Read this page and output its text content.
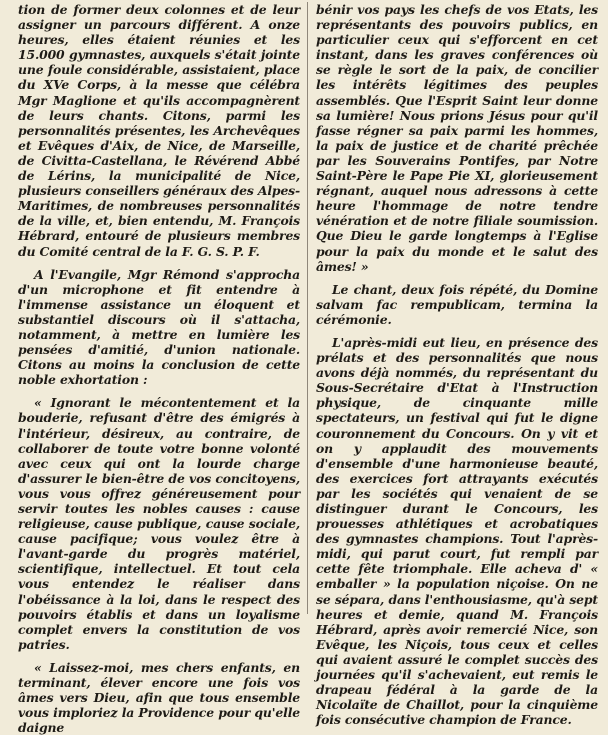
tion de former deux colonnes et de leur assigner un parcours différent. A onze heures, elles étaient réunies et les 15.000 gymnastes, auxquels s'était jointe une foule considérable, assistaient, place du XVe Corps, à la messe que célébra Mgr Maglione et qu'ils accompagnèrent de leurs chants. Citons, parmi les personnalités présentes, les Archevêques et Evêques d'Aix, de Nice, de Marseille, de Civitta-Castellana, le Révérend Abbé de Lérins, la municipalité de Nice, plusieurs conseillers généraux des Alpes-Maritimes, de nombreuses personnalités de la ville, et, bien entendu, M. François Hébrard, entouré de plusieurs membres du Comité central de la F. G. S. P. F.

A l'Evangile, Mgr Rémond s'approcha d'un microphone et fit entendre à l'immense assistance un éloquent et substantiel discours où il s'attacha, notamment, à mettre en lumière les pensées d'amitié, d'union nationale. Citons au moins la conclusion de cette noble exhortation :

« Ignorant le mécontentement et la bouderie, refusant d'être des émigrés à l'intérieur, désireux, au contraire, de collaborer de toute votre bonne volonté avec ceux qui ont la lourde charge d'assurer le bien-être de vos concitoyens, vous vous offrez généreusement pour servir toutes les nobles causes : cause religieuse, cause publique, cause sociale, cause pacifique; vous voulez être à l'avant-garde du progrès matériel, scientifique, intellectuel. Et tout cela vous entendez le réaliser dans l'obéissance à la loi, dans le respect des pouvoirs établis et dans un loyalisme complet envers la constitution de vos patries.

« Laissez-moi, mes chers enfants, en terminant, élever encore une fois vos âmes vers Dieu, afin que tous ensemble vous imploriez la Providence pour qu'elle daigne

bénir vos pays les chefs de vos Etats, les représentants des pouvoirs publics, en particulier ceux qui s'efforcent en cet instant, dans les graves conférences où se règle le sort de la paix, de concilier les intérêts légitimes des peuples assemblés. Que l'Esprit Saint leur donne sa lumière! Nous prions Jésus pour qu'il fasse régner sa paix parmi les hommes, la paix de justice et de charité prêchée par les Souverains Pontifes, par Notre Saint-Père le Pape Pie XI, glorieusement régnant, auquel nous adressons à cette heure l'hommage de notre tendre vénération et de notre filiale soumission. Que Dieu le garde longtemps à l'Eglise pour la paix du monde et le salut des âmes! »

Le chant, deux fois répété, du Domine salvam fac rempublicam, termina la cérémonie.

L'après-midi eut lieu, en présence des prélats et des personnalités que nous avons déjà nommés, du représentant du Sous-Secrétaire d'Etat à l'Instruction physique, de cinquante mille spectateurs, un festival qui fut le digne couronnement du Concours. On y vit et on y applaudit des mouvements d'ensemble d'une harmonieuse beauté, des exercices fort attrayants exécutés par les sociétés qui venaient de se distinguer durant le Concours, les prouesses athlétiques et acrobatiques des gymnastes champions. Tout l'après-midi, qui parut court, fut rempli par cette fête triomphale. Elle acheva d' « emballer » la population niçoise. On ne se sépara, dans l'enthousiasme, qu'à sept heures et demie, quand M. François Hébrard, après avoir remercié Nice, son Evêque, les Niçois, tous ceux et celles qui avaient assuré le complet succès des journées qu'il s'achevaient, eut remis le drapeau fédéral à la garde de la Nicolaïte de Chaillot, pour la cinquième fois consécutive champion de France.
